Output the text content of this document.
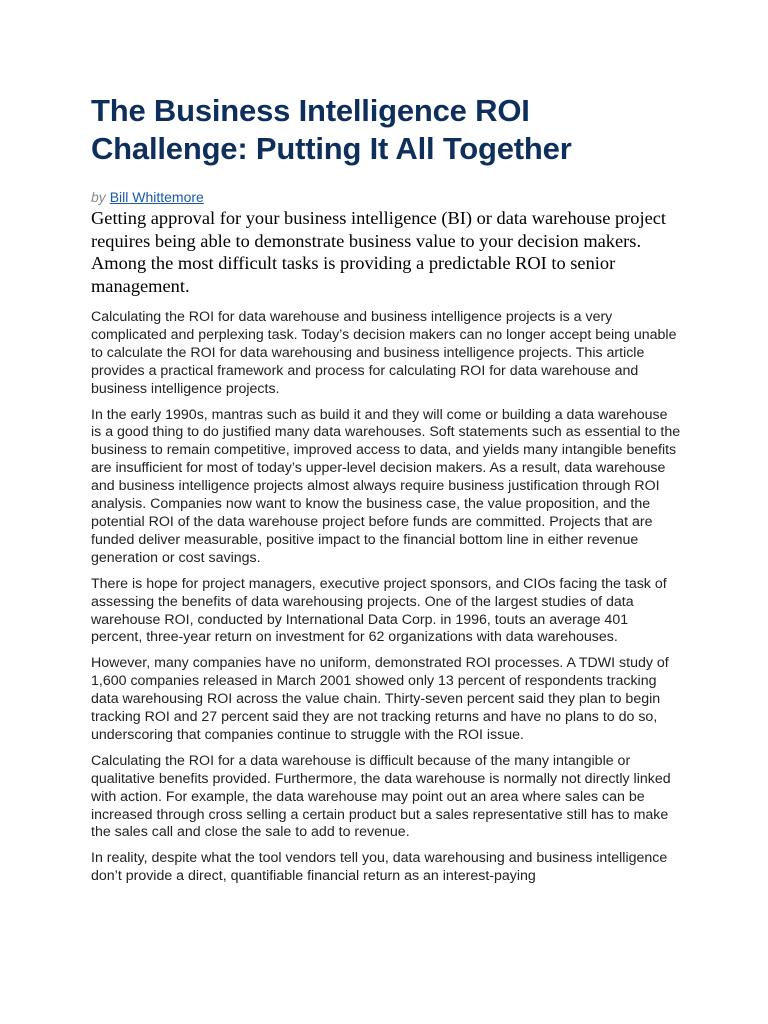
The Business Intelligence ROI Challenge: Putting It All Together
by Bill Whittemore

Getting approval for your business intelligence (BI) or data warehouse project requires being able to demonstrate business value to your decision makers. Among the most difficult tasks is providing a predictable ROI to senior management.

Calculating the ROI for data warehouse and business intelligence projects is a very complicated and perplexing task. Today’s decision makers can no longer accept being unable to calculate the ROI for data warehousing and business intelligence projects. This article provides a practical framework and process for calculating ROI for data warehouse and business intelligence projects.

In the early 1990s, mantras such as build it and they will come or building a data warehouse is a good thing to do justified many data warehouses. Soft statements such as essential to the business to remain competitive, improved access to data, and yields many intangible benefits are insufficient for most of today’s upper-level decision makers. As a result, data warehouse and business intelligence projects almost always require business justification through ROI analysis. Companies now want to know the business case, the value proposition, and the potential ROI of the data warehouse project before funds are committed. Projects that are funded deliver measurable, positive impact to the financial bottom line in either revenue generation or cost savings.

There is hope for project managers, executive project sponsors, and CIOs facing the task of assessing the benefits of data warehousing projects. One of the largest studies of data warehouse ROI, conducted by International Data Corp. in 1996, touts an average 401 percent, three-year return on investment for 62 organizations with data warehouses.

However, many companies have no uniform, demonstrated ROI processes. A TDWI study of 1,600 companies released in March 2001 showed only 13 percent of respondents tracking data warehousing ROI across the value chain. Thirty-seven percent said they plan to begin tracking ROI and 27 percent said they are not tracking returns and have no plans to do so, underscoring that companies continue to struggle with the ROI issue.

Calculating the ROI for a data warehouse is difficult because of the many intangible or qualitative benefits provided. Furthermore, the data warehouse is normally not directly linked with action. For example, the data warehouse may point out an area where sales can be increased through cross selling a certain product but a sales representative still has to make the sales call and close the sale to add to revenue.

In reality, despite what the tool vendors tell you, data warehousing and business intelligence don’t provide a direct, quantifiable financial return as an interest-paying
